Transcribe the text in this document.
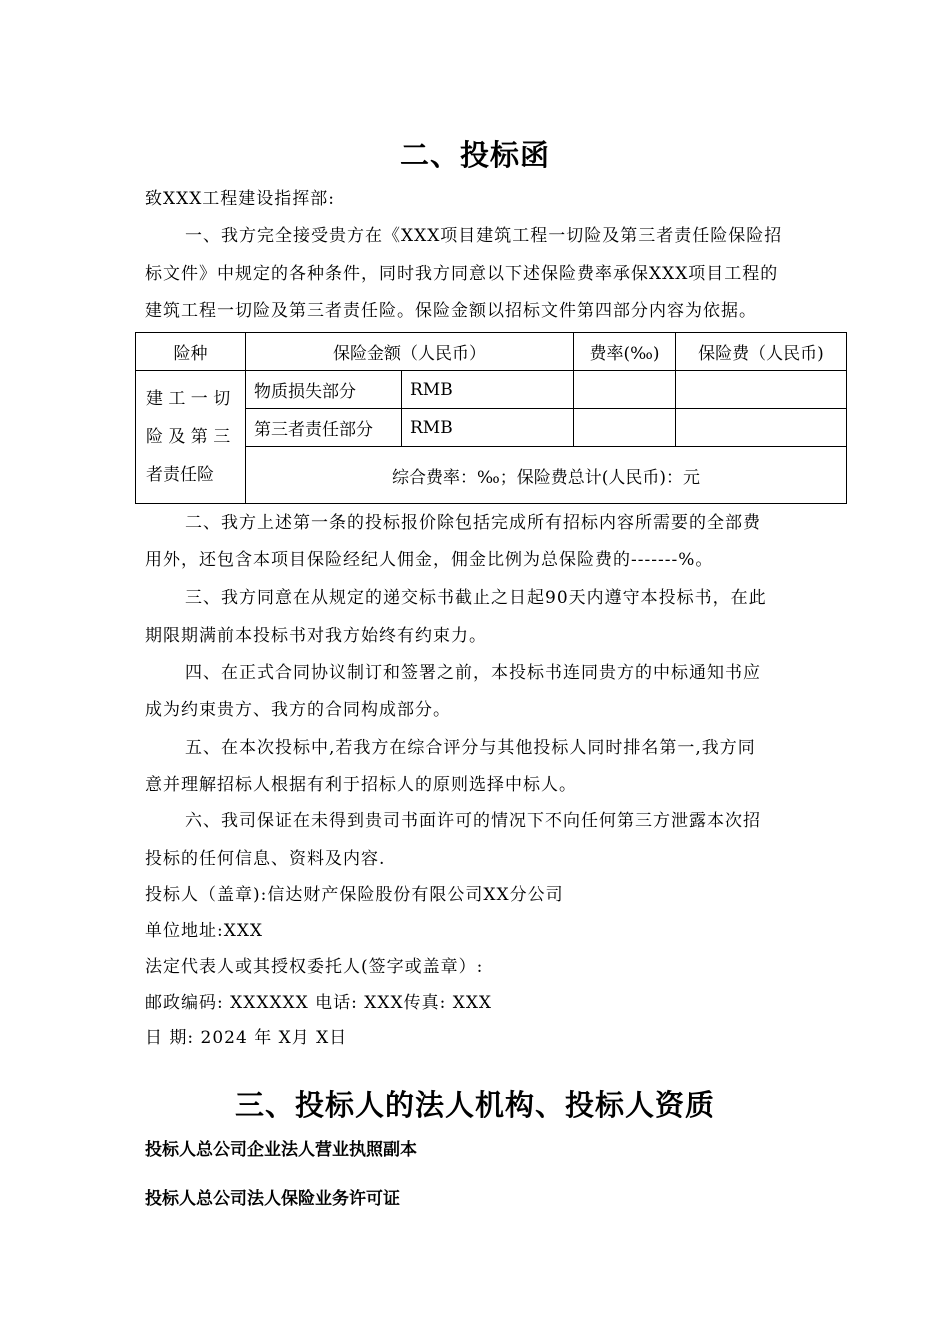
二、投标函
致XXX工程建设指挥部:
一、我方完全接受贵方在《XXX项目建筑工程一切险及第三者责任险保险招
标文件》中规定的各种条件，同时我方同意以下述保险费率承保XXX项目工程的
建筑工程一切险及第三者责任险。保险金额以招标文件第四部分内容为依据。
险种	保险金额（人民币）		费率(‰)	保险费（人民币)

建 工 一 切
险 及 第 三
者责任险	物质损失部分	RMB		
	第三者责任部分	RMB		
	综合费率：‰；保险费总计(人民币)：元			
二、我方上述第一条的投标报价除包括完成所有招标内容所需要的全部费
用外，还包含本项目保险经纪人佣金，佣金比例为总保险费的-------%。
三、我方同意在从规定的递交标书截止之日起90天内遵守本投标书，在此
期限期满前本投标书对我方始终有约束力。
四、在正式合同协议制订和签署之前，本投标书连同贵方的中标通知书应
成为约束贵方、我方的合同构成部分。
五、在本次投标中,若我方在综合评分与其他投标人同时排名第一,我方同
意并理解招标人根据有利于招标人的原则选择中标人。
六、我司保证在未得到贵司书面许可的情况下不向任何第三方泄露本次招
投标的任何信息、资料及内容.
投标人（盖章):信达财产保险股份有限公司XX分公司
单位地址:XXX
法定代表人或其授权委托人(签字或盖章）:
邮政编码: XXXXXX 电话: XXX传真: XXX
日 期: 2024 年 X月 X日
三、投标人的法人机构、投标人资质
投标人总公司企业法人营业执照副本
投标人总公司法人保险业务许可证
